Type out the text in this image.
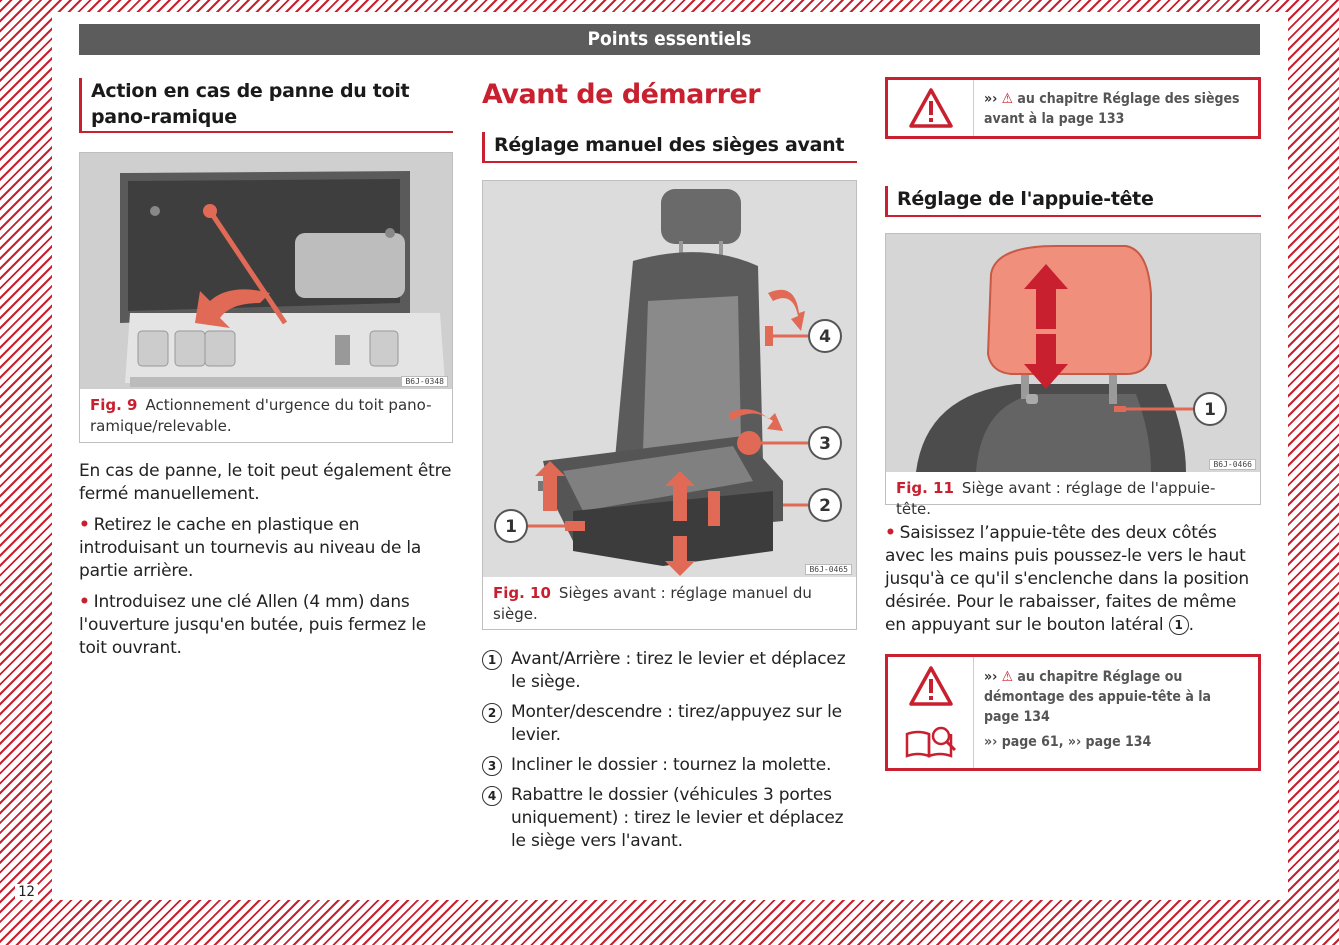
Points essentiels
Action en cas de panne du toit pano-ramique
B6J-0348
Fig. 9 Actionnement d'urgence du toit pano-ramique/relevable.

En cas de panne, le toit peut également être fermé manuellement.

• Retirez le cache en plastique en introduisant un tournevis au niveau de la partie arrière.

• Introduisez une clé Allen (4 mm) dans l'ouverture jusqu'en butée, puis fermez le toit ouvrant.

Avant de démarrer
Réglage manuel des sièges avant
1
2
3
4
B6J-0465
Fig. 10 Sièges avant : réglage manuel du siège.
1 Avant/Arrière : tirez le levier et déplacez le siège.
2 Monter/descendre : tirez/appuyez sur le levier.
3 Incliner le dossier : tournez la molette.
4 Rabattre le dossier (véhicules 3 portes uniquement) : tirez le levier et déplacez le siège vers l'avant.
»› ⚠ au chapitre Réglage des sièges avant à la page 133
Réglage de l'appuie-tête
1
B6J-0466
Fig. 11 Siège avant : réglage de l'appuie-tête.

• Saisissez l’appuie-tête des deux côtés avec les mains puis poussez-le vers le haut jusqu'à ce qu'il s'enclenche dans la position désirée. Pour le rabaisser, faites de même en appuyant sur le bouton latéral 1 .

»› ⚠ au chapitre Réglage ou démontage des appuie-tête à la page 134
»› page 61, »› page 134
12
